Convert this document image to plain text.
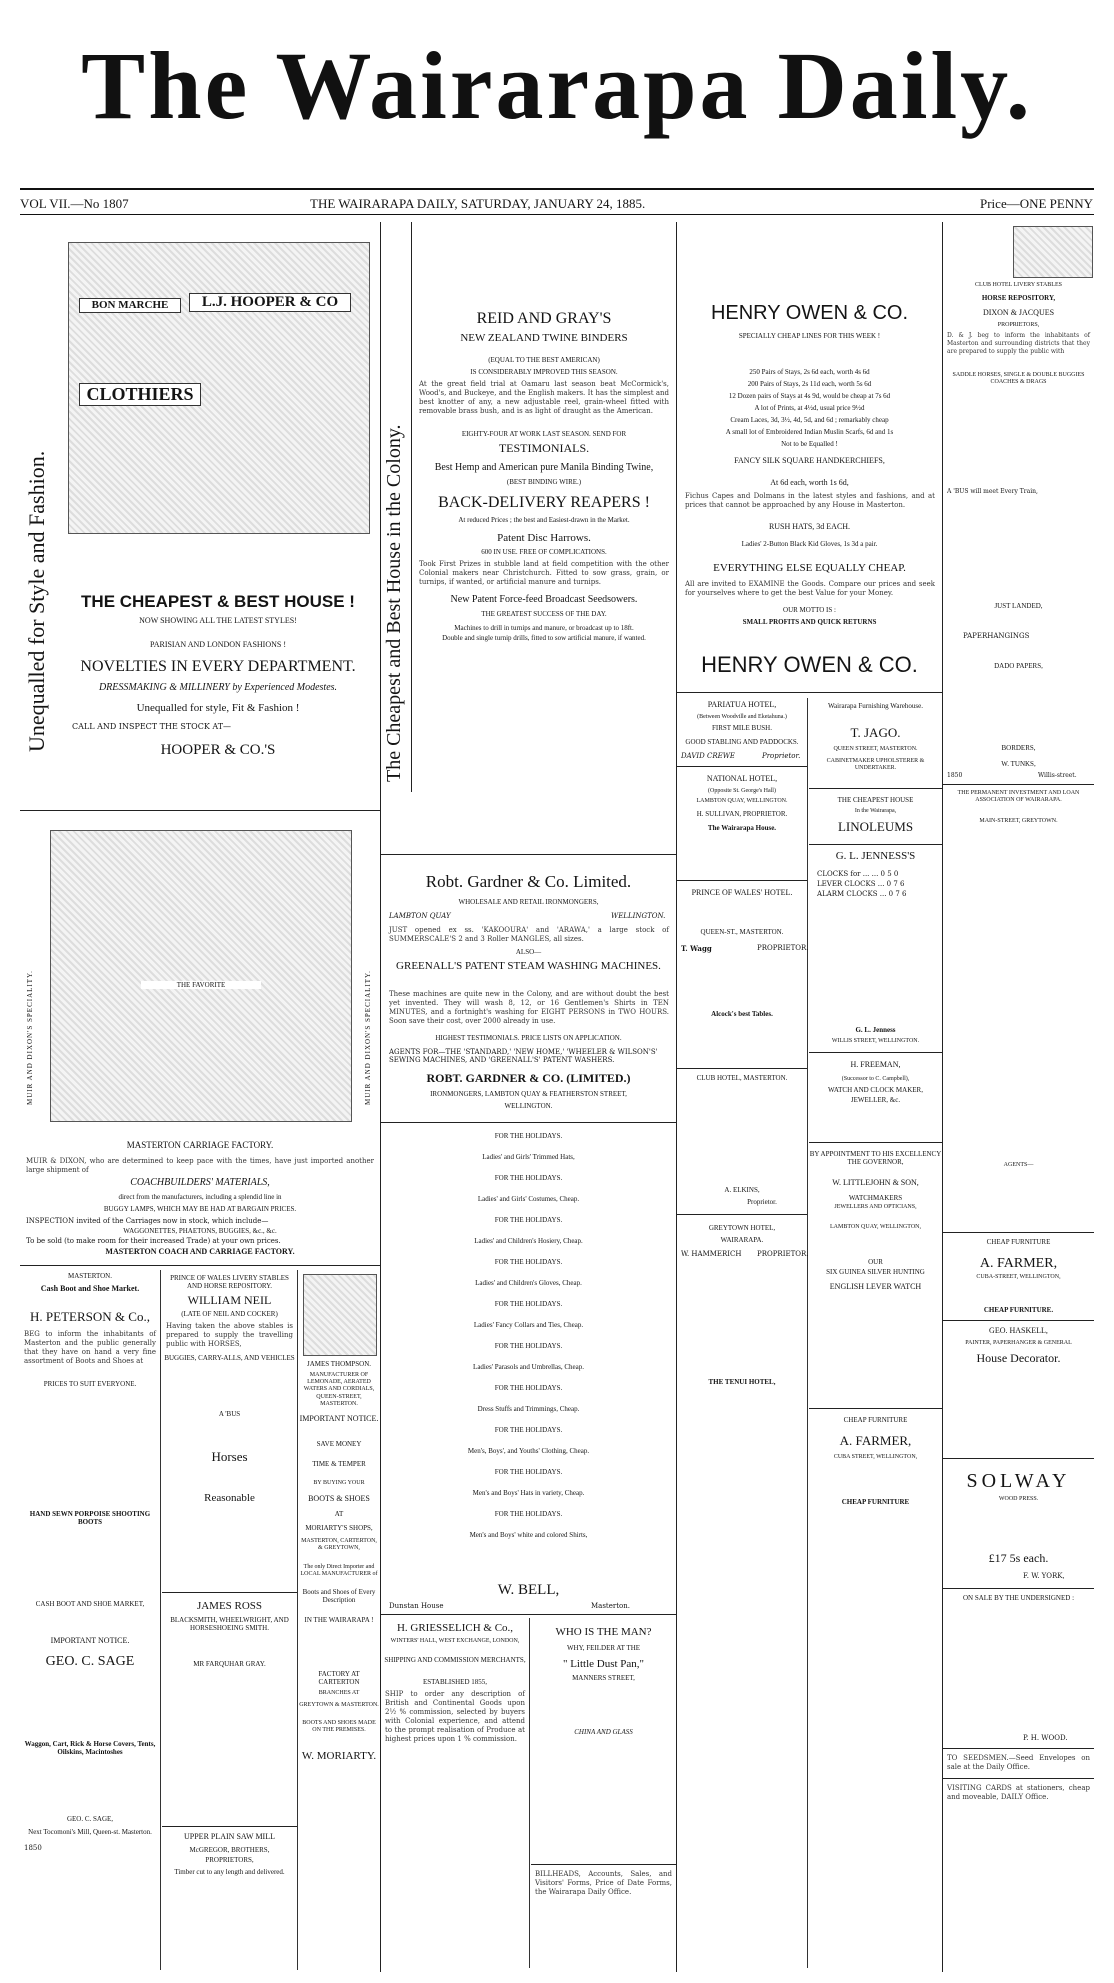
The Wairarapa Daily.
VOL VII.—No 1807	THE WAIRARAPA DAILY, SATURDAY, JANUARY 24, 1885.	Price—ONE PENNY
Unequalled for Style and Fashion.
L.J. HOOPER & CO
BON MARCHE
CLOTHIERS
THE CHEAPEST & BEST HOUSE !
NOW SHOWING ALL THE LATEST STYLES!
PARISIAN AND LONDON FASHIONS !
NOVELTIES IN EVERY DEPARTMENT.
DRESSMAKING & MILLINERY by Experienced Modestes.
Unequalled for style, Fit & Fashion !
CALL AND INSPECT THE STOCK AT—
HOOPER & CO.'S
MUIR AND DIXON'S SPECIALITY.	MUIR AND DIXON'S SPECIALITY.
THE FAVORITE
MASTERTON CARRIAGE FACTORY.
MUIR & DIXON, who are determined to keep pace with the times, have just imported another large shipment of
COACHBUILDERS' MATERIALS,
direct from the manufacturers, including a splendid line in
BUGGY LAMPS, WHICH MAY BE HAD AT BARGAIN PRICES.
INSPECTION invited of the Carriages now in stock, which include—
WAGGONETTES, PHAETONS, BUGGIES, &c., &c.
To be sold (to make room for their increased Trade) at your own prices.
MASTERTON COACH AND CARRIAGE FACTORY.
MASTERTON.
Cash Boot and Shoe Market.
H. PETERSON & Co.,
BEG to inform the inhabitants of Masterton and the public generally that they have on hand a very fine assortment of Boots and Shoes at
PRICES TO SUIT EVERYONE.
HAND SEWN PORPOISE SHOOTING BOOTS
CASH BOOT AND SHOE MARKET,
IMPORTANT NOTICE.
GEO. C. SAGE
Waggon, Cart, Rick & Horse Covers, Tents, Oilskins, Macintoshes
GEO. C. SAGE,
Next Tocomoni's Mill, Queen-st. Masterton.
1850
PRINCE OF WALES LIVERY STABLES AND HORSE REPOSITORY.
WILLIAM NEIL
(LATE OF NEIL AND COCKER)
Having taken the above stables is prepared to supply the travelling public with HORSES,
BUGGIES, CARRY-ALLS, AND VEHICLES
A 'BUS
Horses
Reasonable
JAMES ROSS
BLACKSMITH, WHEELWRIGHT, AND HORSESHOEING SMITH.
MR FARQUHAR GRAY.
UPPER PLAIN SAW MILL
McGREGOR, BROTHERS,
PROPRIETORS,
Timber cut to any length and delivered.
JAMES THOMPSON.
MANUFACTURER OF LEMONADE, AERATED WATERS AND CORDIALS,
QUEEN-STREET, MASTERTON.
IMPORTANT NOTICE.
SAVE MONEY
TIME & TEMPER
BY BUYING YOUR
BOOTS & SHOES
AT
MORIARTY'S SHOPS,
MASTERTON, CARTERTON, & GREYTOWN,
The only Direct Importer and LOCAL MANUFACTURER of
Boots and Shoes of Every Description
IN THE WAIRARAPA !
FACTORY AT CARTERTON
BRANCHES AT
GREYTOWN & MASTERTON.
BOOTS AND SHOES MADE ON THE PREMISES.
W. MORIARTY.
The Cheapest and Best House in the Colony.
REID AND GRAY'S
NEW ZEALAND TWINE BINDERS
(EQUAL TO THE BEST AMERICAN)
IS CONSIDERABLY IMPROVED THIS SEASON.
At the great field trial at Oamaru last season beat McCormick's, Wood's, and Buckeye, and the English makers. It has the simplest and best knotter of any, a new adjustable reel, grain-wheel fitted with removable brass bush, and is as light of draught as the American.
EIGHTY-FOUR AT WORK LAST SEASON. SEND FOR
TESTIMONIALS.
Best Hemp and American pure Manila Binding Twine,
(BEST BINDING WIRE.)
BACK-DELIVERY REAPERS !
At reduced Prices ; the best and Easiest-drawn in the Market.
Patent Disc Harrows.
600 IN USE. FREE OF COMPLICATIONS.
Took First Prizes in stubble land at field competition with the other Colonial makers near Christchurch. Fitted to sow grass, grain, or turnips, if wanted, or artificial manure and turnips.
New Patent Force-feed Broadcast Seedsowers.
THE GREATEST SUCCESS OF THE DAY.
Machines to drill in turnips and manure, or broadcast up to 18ft.
Double and single turnip drills, fitted to sow artificial manure, if wanted.
Robt. Gardner & Co. Limited.
WHOLESALE AND RETAIL IRONMONGERS,
LAMBTON QUAY	WELLINGTON.
JUST opened ex ss. 'KAKOOURA' and 'ARAWA,' a large stock of SUMMERSCALE'S 2 and 3 Roller MANGLES, all sizes.
ALSO—
GREENALL'S PATENT STEAM WASHING MACHINES.
These machines are quite new in the Colony, and are without doubt the best yet invented. They will wash 8, 12, or 16 Gentlemen's Shirts in TEN MINUTES, and a fortnight's washing for EIGHT PERSONS in TWO HOURS. Soon save their cost, over 2000 already in use.
HIGHEST TESTIMONIALS. PRICE LISTS ON APPLICATION.
AGENTS FOR—THE 'STANDARD,' 'NEW HOME,' 'WHEELER & WILSON'S' SEWING MACHINES, AND 'GREENALL'S' PATENT WASHERS.
ROBT. GARDNER & CO. (LIMITED.)
IRONMONGERS, LAMBTON QUAY & FEATHERSTON STREET,
WELLINGTON.
FOR THE HOLIDAYS.
Ladies' and Girls' Trimmed Hats,
FOR THE HOLIDAYS.
Ladies' and Girls' Costumes, Cheap.
FOR THE HOLIDAYS.
Ladies' and Children's Hosiery, Cheap.
FOR THE HOLIDAYS.
Ladies' and Children's Gloves, Cheap.
FOR THE HOLIDAYS.
Ladies' Fancy Collars and Ties, Cheap.
FOR THE HOLIDAYS.
Ladies' Parasols and Umbrellas, Cheap.
FOR THE HOLIDAYS.
Dress Stuffs and Trimmings, Cheap.
FOR THE HOLIDAYS.
Men's, Boys', and Youths' Clothing, Cheap.
FOR THE HOLIDAYS.
Men's and Boys' Hats in variety, Cheap.
FOR THE HOLIDAYS.
Men's and Boys' white and colored Shirts,
W. BELL,
Dunstan House	Masterton.
H. GRIESSELICH & Co.,
WINTERS' HALL, WEST EXCHANGE, LONDON,
SHIPPING AND COMMISSION MERCHANTS,
ESTABLISHED 1855,
SHIP to order any description of British and Continental Goods upon 2½ % commission, selected by buyers with Colonial experience, and attend to the prompt realisation of Produce at highest prices upon 1 % commission.
WHO IS THE MAN?
WHY, FEILDER AT THE
" Little Dust Pan,"
MANNERS STREET,
CHINA AND GLASS
BILLHEADS, Accounts, Sales, and Visitors' Forms, Price of Date Forms, the Wairarapa Daily Office.
HENRY OWEN & CO.
SPECIALLY CHEAP LINES FOR THIS WEEK !
250 Pairs of Stays, 2s 6d each, worth 4s 6d
200 Pairs of Stays, 2s 11d each, worth 5s 6d
12 Dozen pairs of Stays at 4s 9d, would be cheap at 7s 6d
A lot of Prints, at 4½d, usual price 9½d
Cream Laces, 3d, 3½, 4d, 5d, and 6d ; remarkably cheap
A small lot of Embroidered Indian Muslin Scarfs, 6d and 1s
Not to be Equalled !
FANCY SILK SQUARE HANDKERCHIEFS,
At 6d each, worth 1s 6d,
Fichus Capes and Dolmans in the latest styles and fashions, and at prices that cannot be approached by any House in Masterton.
RUSH HATS, 3d EACH.
Ladies' 2-Button Black Kid Gloves, 1s 3d a pair.
EVERYTHING ELSE EQUALLY CHEAP.
All are invited to EXAMINE the Goods. Compare our prices and seek for yourselves where to get the best Value for your Money.
OUR MOTTO IS :
SMALL PROFITS AND QUICK RETURNS
HENRY OWEN & CO.
PARIATUA HOTEL,
(Between Woodville and Eketahuna.)
FIRST MILE BUSH.
GOOD STABLING AND PADDOCKS.
DAVID CREWE	Proprietor.
NATIONAL HOTEL,
(Opposite St. George's Hall)
LAMBTON QUAY, WELLINGTON.
H. SULLIVAN, PROPRIETOR.
The Wairarapa House.
PRINCE OF WALES' HOTEL.
QUEEN-ST., MASTERTON.
T. Wagg	PROPRIETOR.
Alcock's best Tables.
CLUB HOTEL, MASTERTON.
A. ELKINS,
Proprietor.
GREYTOWN HOTEL,
WAIRARAPA.
W. HAMMERICH PROPRIETOR.
THE TENUI HOTEL,
Wairarapa Furnishing Warehouse.
T. JAGO.
QUEEN STREET, MASTERTON.
CABINETMAKER UPHOLSTERER & UNDERTAKER.
THE CHEAPEST HOUSE
In the Wairarapa,
LINOLEUMS
G. L. JENNESS'S
CLOCKS for ... ... 0 5 0
LEVER CLOCKS ... 0 7 6
ALARM CLOCKS ... 0 7 6
G. L. Jenness
WILLIS STREET, WELLINGTON.
H. FREEMAN,
(Successor to C. Campbell),
WATCH AND CLOCK MAKER,
JEWELLER, &c.
BY APPOINTMENT TO HIS EXCELLENCY THE GOVERNOR,
W. LITTLEJOHN & SON,
WATCHMAKERS
JEWELLERS AND OPTICIANS,
LAMBTON QUAY, WELLINGTON,
OUR
SIX GUINEA SILVER HUNTING
ENGLISH LEVER WATCH
CHEAP FURNITURE
A. FARMER,
CUBA STREET, WELLINGTON,
CHEAP FURNITURE
CLUB HOTEL LIVERY STABLES
HORSE REPOSITORY,
DIXON & JACQUES
PROPRIETORS,
D. & J. beg to inform the inhabitants of Masterton and surrounding districts that they are prepared to supply the public with
SADDLE HORSES, SINGLE & DOUBLE BUGGIES COACHES & DRAGS
A 'BUS will meet Every Train,
JUST LANDED,
PAPERHANGINGS
DADO PAPERS,
BORDERS,
W. TUNKS,
Willis-street.
1850
THE PERMANENT INVESTMENT AND LOAN ASSOCIATION OF WAIRARAPA.
MAIN-STREET, GREYTOWN.
AGENTS—
CHEAP FURNITURE
A. FARMER,
CUBA-STREET, WELLINGTON,
CHEAP FURNITURE.
GEO. HASKELL,
PAINTER, PAPERHANGER & GENERAL
House Decorator.
SOLWAY
WOOD PRESS.
£17 5s each.
F. W. YORK,
ON SALE BY THE UNDERSIGNED :
P. H. WOOD.
TO SEEDSMEN.—Seed Envelopes on sale at the Daily Office.
VISITING CARDS at stationers, cheap and moveable, DAILY Office.
